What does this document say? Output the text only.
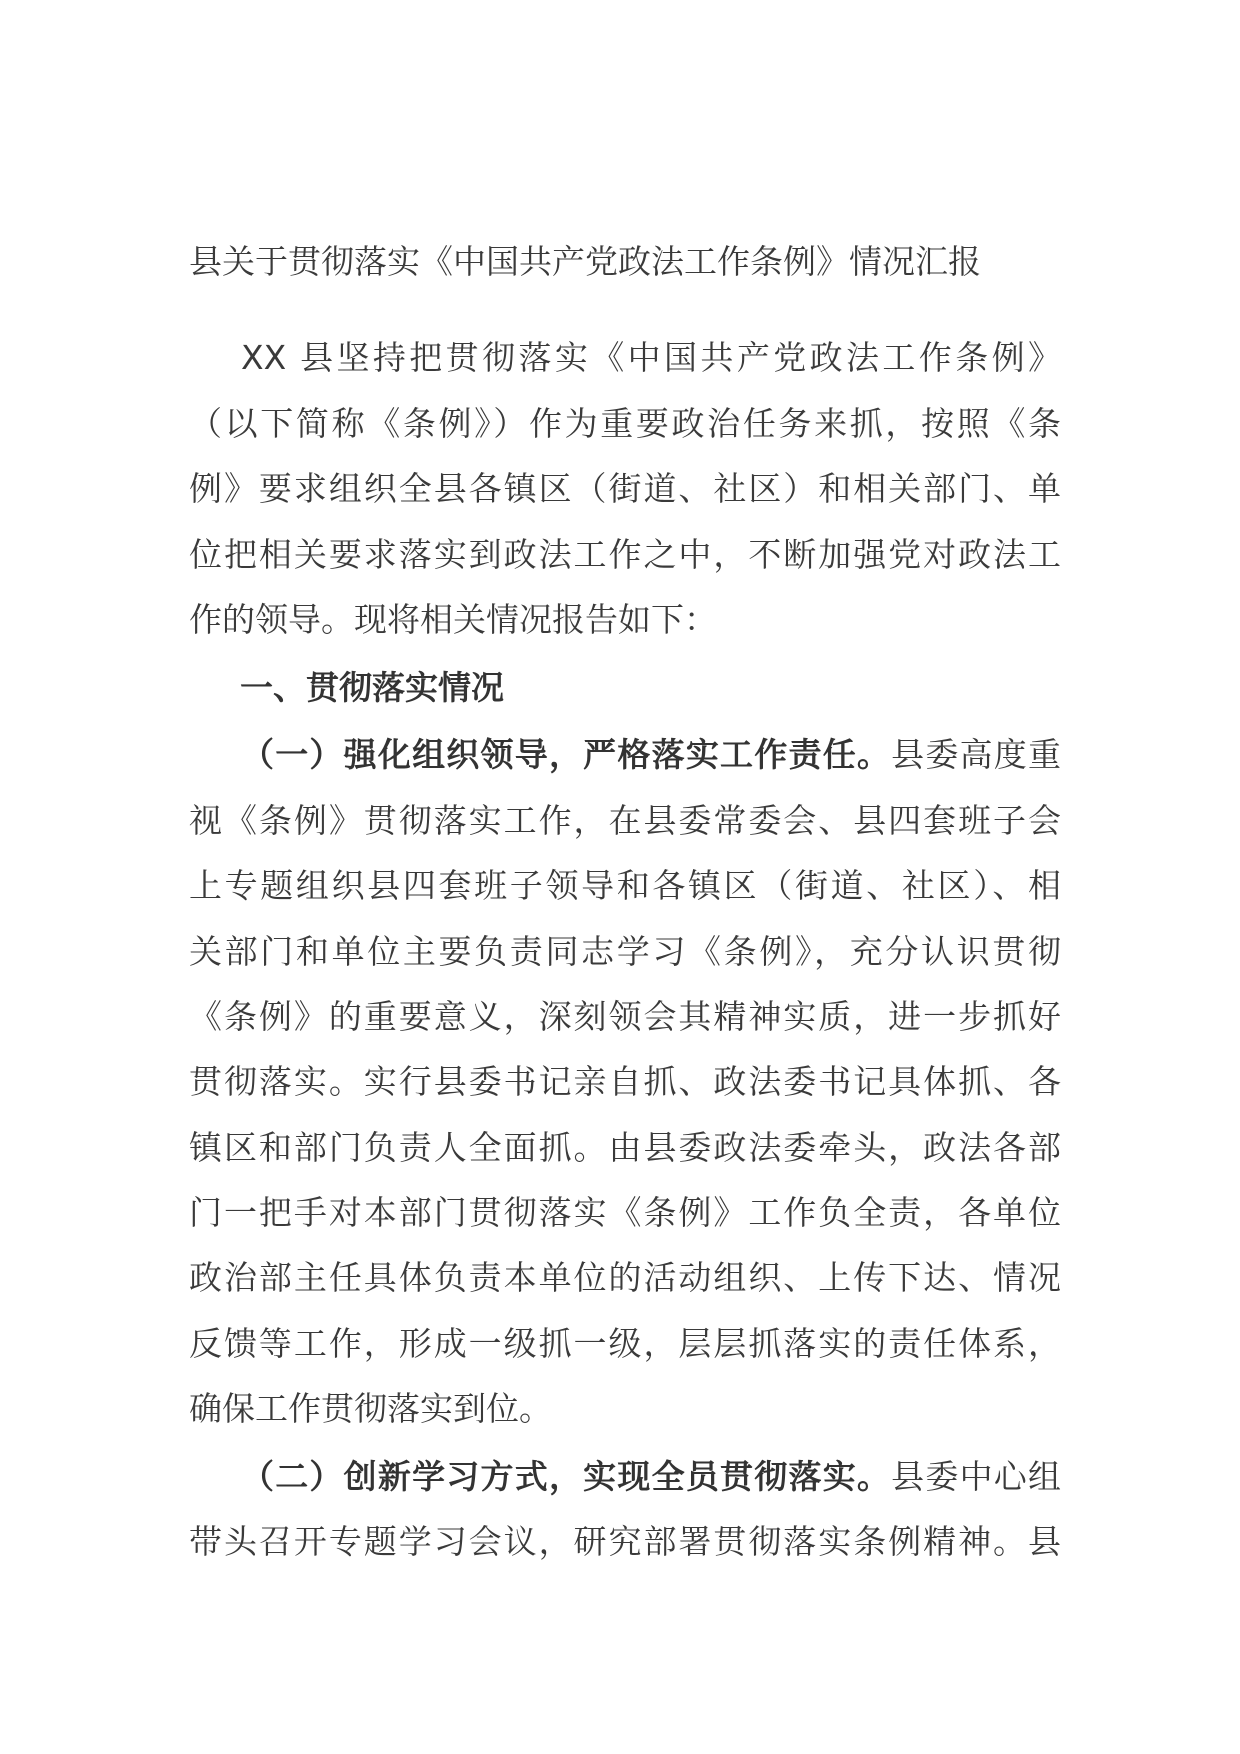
县关于贯彻落实《中国共产党政法工作条例》情况汇报
XX 县坚持把贯彻落实《中国共产党政法工作条例》
（以下简称《条例》）作为重要政治任务来抓，按照《条
例》要求组织全县各镇区（街道、社区）和相关部门、单
位把相关要求落实到政法工作之中，不断加强党对政法工
作的领导。现将相关情况报告如下：
一、贯彻落实情况
（一）强化组织领导，严格落实工作责任。县委高度重
视《条例》贯彻落实工作，在县委常委会、县四套班子会
上专题组织县四套班子领导和各镇区（街道、社区）、相
关部门和单位主要负责同志学习《条例》，充分认识贯彻
《条例》的重要意义，深刻领会其精神实质，进一步抓好
贯彻落实。实行县委书记亲自抓、政法委书记具体抓、各
镇区和部门负责人全面抓。由县委政法委牵头，政法各部
门一把手对本部门贯彻落实《条例》工作负全责，各单位
政治部主任具体负责本单位的活动组织、上传下达、情况
反馈等工作，形成一级抓一级，层层抓落实的责任体系，
确保工作贯彻落实到位。
（二）创新学习方式，实现全员贯彻落实。县委中心组
带头召开专题学习会议，研究部署贯彻落实条例精神。县
